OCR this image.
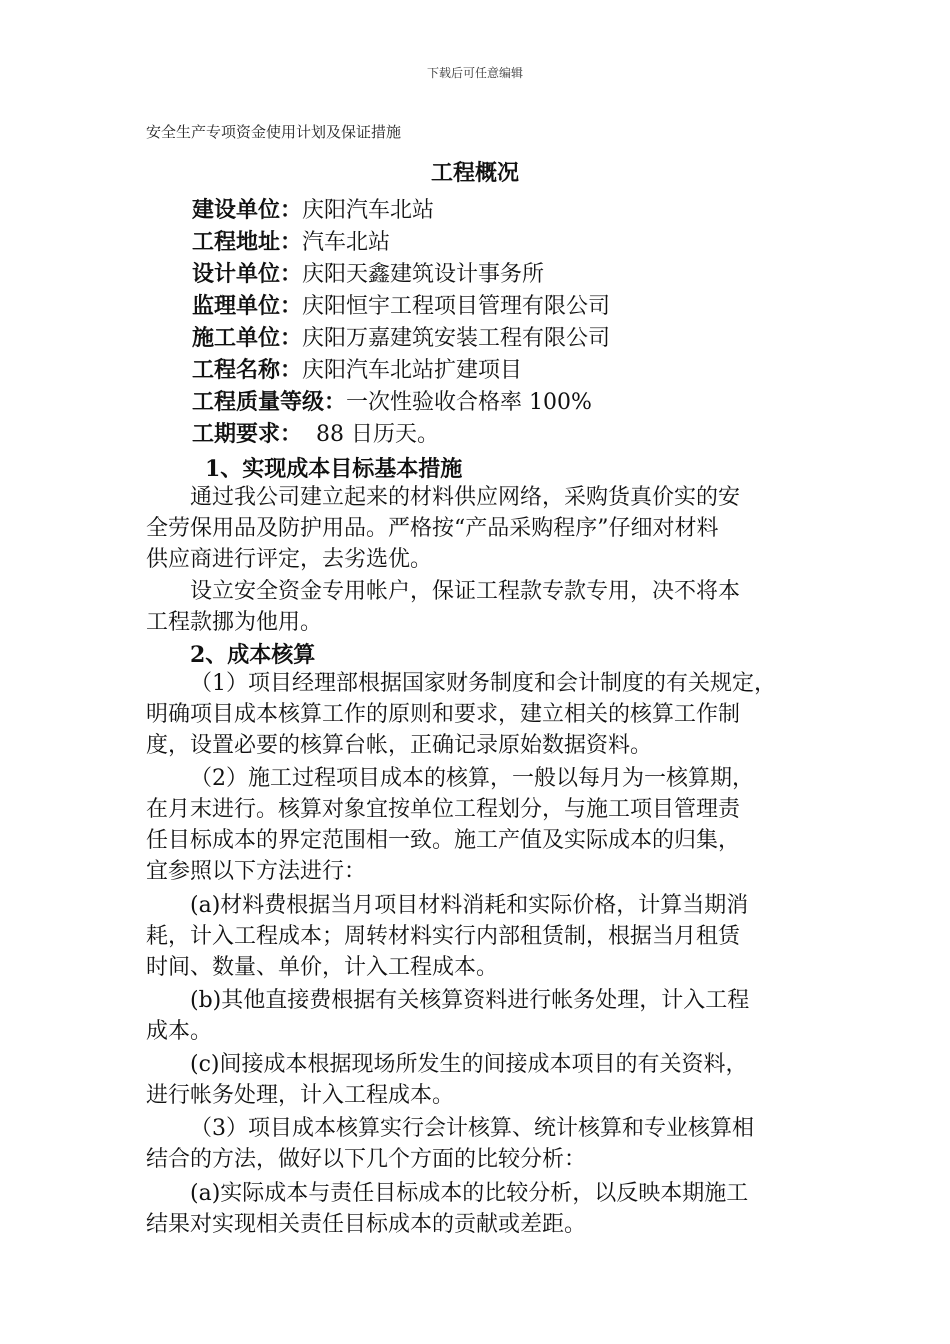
下载后可任意编辑
安全生产专项资金使用计划及保证措施
工程概况
建设单位：庆阳汽车北站
工程地址：汽车北站
设计单位：庆阳天鑫建筑设计事务所
监理单位：庆阳恒宇工程项目管理有限公司
施工单位：庆阳万嘉建筑安装工程有限公司
工程名称：庆阳汽车北站扩建项目
工程质量等级：一次性验收合格率 100%
工期要求：  88 日历天。
1、实现成本目标基本措施
通过我公司建立起来的材料供应网络，采购货真价实的安
全劳保用品及防护用品。严格按“产品采购程序”仔细对材料
供应商进行评定，去劣选优。
设立安全资金专用帐户，保证工程款专款专用，决不将本
工程款挪为他用。
2、成本核算
（1）项目经理部根据国家财务制度和会计制度的有关规定，
明确项目成本核算工作的原则和要求，建立相关的核算工作制
度，设置必要的核算台帐，正确记录原始数据资料。
（2）施工过程项目成本的核算，一般以每月为一核算期，
在月末进行。核算对象宜按单位工程划分，与施工项目管理责
任目标成本的界定范围相一致。施工产值及实际成本的归集，
宜参照以下方法进行：
(a)材料费根据当月项目材料消耗和实际价格，计算当期消
耗，计入工程成本；周转材料实行内部租赁制，根据当月租赁
时间、数量、单价，计入工程成本。
(b)其他直接费根据有关核算资料进行帐务处理，计入工程
成本。
(c)间接成本根据现场所发生的间接成本项目的有关资料，
进行帐务处理，计入工程成本。
（3）项目成本核算实行会计核算、统计核算和专业核算相
结合的方法，做好以下几个方面的比较分析：
(a)实际成本与责任目标成本的比较分析，以反映本期施工
结果对实现相关责任目标成本的贡献或差距。
